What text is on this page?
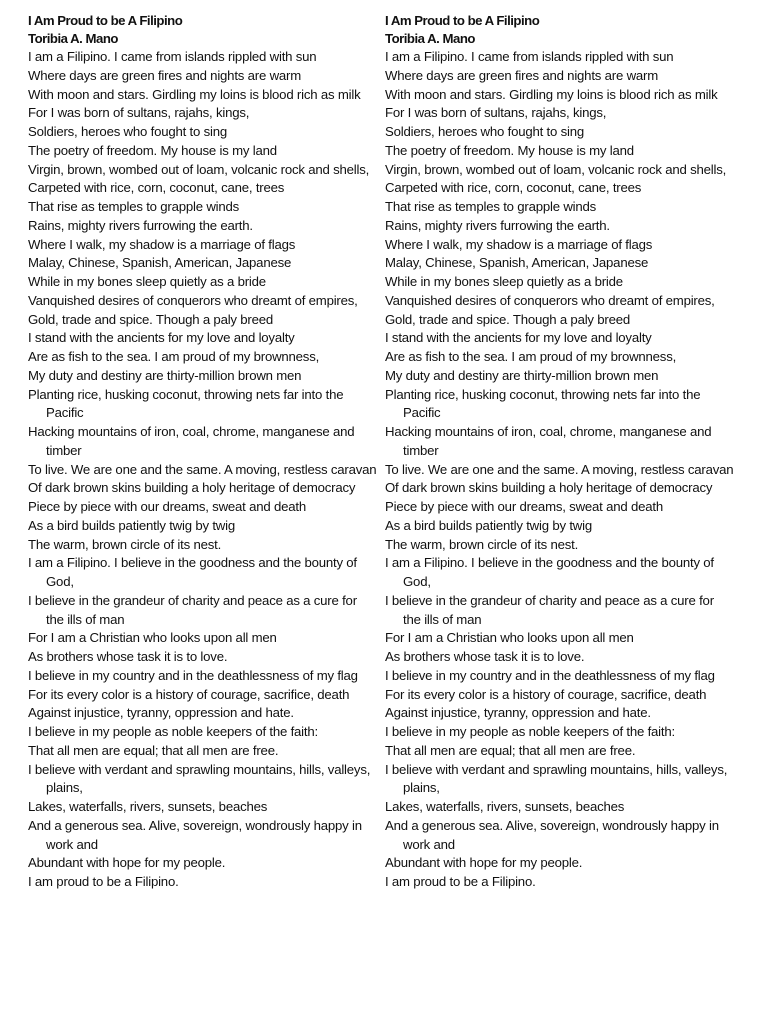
I Am Proud to be A Filipino
Toribia A. Mano
I am a Filipino. I came from islands rippled with sun
Where days are green fires and nights are warm
With moon and stars. Girdling my loins is blood rich as milk
For I was born of sultans, rajahs, kings,
Soldiers, heroes who fought to sing
The poetry of freedom. My house is my land
Virgin, brown, wombed out of loam, volcanic rock and shells,
Carpeted with rice, corn, coconut, cane, trees
That rise as temples to grapple winds
Rains, mighty rivers furrowing the earth.
Where I walk, my shadow is a marriage of flags
Malay, Chinese, Spanish, American, Japanese
While in my bones sleep quietly as a bride
Vanquished desires of conquerors who dreamt of empires,
Gold, trade and spice. Though a paly breed
I stand with the ancients for my love and loyalty
Are as fish to the sea. I am proud of my brownness,
My duty and destiny are thirty-million brown men
Planting rice, husking coconut, throwing nets far into the Pacific
Hacking mountains of iron, coal, chrome, manganese and timber
To live. We are one and the same. A moving, restless caravan
Of dark brown skins building a holy heritage of democracy
Piece by piece with our dreams, sweat and death
As a bird builds patiently twig by twig
The warm, brown circle of its nest.
I am a Filipino. I believe in the goodness and the bounty of God,
I believe in the grandeur of charity and peace as a cure for the ills of man
For I am a Christian who looks upon all men
As brothers whose task it is to love.
I believe in my country and in the deathlessness of my flag
For its every color is a history of courage, sacrifice, death
Against injustice, tyranny, oppression and hate.
I believe in my people as noble keepers of the faith:
That all men are equal; that all men are free.
I believe with verdant and sprawling mountains, hills, valleys, plains,
Lakes, waterfalls, rivers, sunsets, beaches
And a generous sea. Alive, sovereign, wondrously happy in work and
Abundant with hope for my people.
I am proud to be a Filipino.
I Am Proud to be A Filipino
Toribia A. Mano
I am a Filipino. I came from islands rippled with sun
Where days are green fires and nights are warm
With moon and stars. Girdling my loins is blood rich as milk
For I was born of sultans, rajahs, kings,
Soldiers, heroes who fought to sing
The poetry of freedom. My house is my land
Virgin, brown, wombed out of loam, volcanic rock and shells,
Carpeted with rice, corn, coconut, cane, trees
That rise as temples to grapple winds
Rains, mighty rivers furrowing the earth.
Where I walk, my shadow is a marriage of flags
Malay, Chinese, Spanish, American, Japanese
While in my bones sleep quietly as a bride
Vanquished desires of conquerors who dreamt of empires,
Gold, trade and spice. Though a paly breed
I stand with the ancients for my love and loyalty
Are as fish to the sea. I am proud of my brownness,
My duty and destiny are thirty-million brown men
Planting rice, husking coconut, throwing nets far into the Pacific
Hacking mountains of iron, coal, chrome, manganese and timber
To live. We are one and the same. A moving, restless caravan
Of dark brown skins building a holy heritage of democracy
Piece by piece with our dreams, sweat and death
As a bird builds patiently twig by twig
The warm, brown circle of its nest.
I am a Filipino. I believe in the goodness and the bounty of God,
I believe in the grandeur of charity and peace as a cure for the ills of man
For I am a Christian who looks upon all men
As brothers whose task it is to love.
I believe in my country and in the deathlessness of my flag
For its every color is a history of courage, sacrifice, death
Against injustice, tyranny, oppression and hate.
I believe in my people as noble keepers of the faith:
That all men are equal; that all men are free.
I believe with verdant and sprawling mountains, hills, valleys, plains,
Lakes, waterfalls, rivers, sunsets, beaches
And a generous sea. Alive, sovereign, wondrously happy in work and
Abundant with hope for my people.
I am proud to be a Filipino.
